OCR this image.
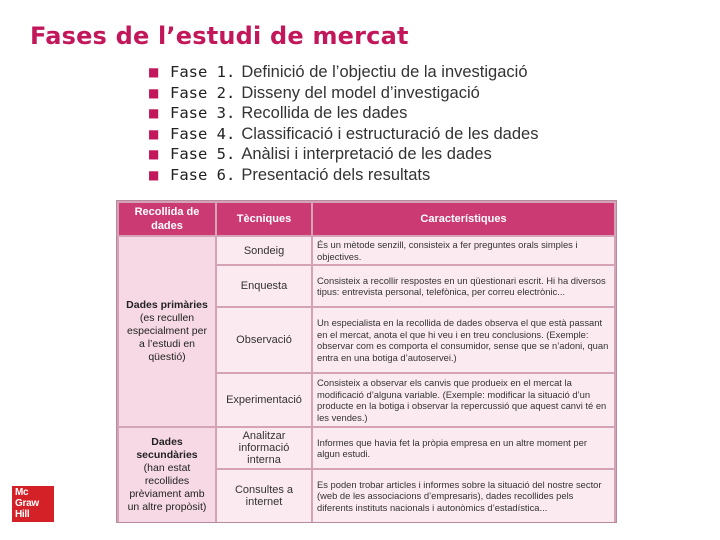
Fases de l’estudi de mercat
■ Fase 1. Definició de l’objectiu de la investigació
■ Fase 2. Disseny del model d’investigació
■ Fase 3. Recollida de les dades
■ Fase 4. Classificació i estructuració de les dades
■ Fase 5. Anàlisi i interpretació de les dades
■ Fase 6. Presentació dels resultats
Recollida de dades	Tècniques	Característiques

Dades primàries
(es recullen especialment per a l’estudi en qüestió)	Sondeig	És un mètode senzill, consisteix a fer preguntes orals simples i objectives.
	Enquesta	Consisteix a recollir respostes en un qüestionari escrit. Hi ha diversos tipus: entrevista personal, telefònica, per correu electrònic...
	Observació	Un especialista en la recollida de dades observa el que està passant en el mercat, anota el que hi veu i en treu conclusions. (Exemple: observar com es comporta el consumidor, sense que se n’adoni, quan entra en una botiga d’autoservei.)
	Experimentació	Consisteix a observar els canvis que produeix en el mercat la modificació d’alguna variable. (Exemple: modificar la situació d’un producte en la botiga i observar la repercussió que aquest canvi té en les vendes.)

Dades secundàries
(han estat recollides prèviament amb un altre propòsit)	Analitzar informació interna	Informes que havia fet la pròpia empresa en un altre moment per algun estudi.
	Consultes a internet	Es poden trobar articles i informes sobre la situació del nostre sector (web de les associacions d’empresaris), dades recollides pels diferents instituts nacionals i autonòmics d’estadística...
Mc
Graw
Hill
